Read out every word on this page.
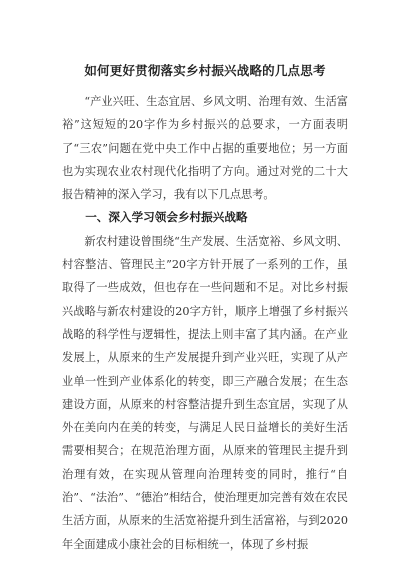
如何更好贯彻落实乡村振兴战略的几点思考

“产业兴旺、生态宜居、乡风文明、治理有效、生活富裕”这短短的20字作为乡村振兴的总要求，一方面表明了“三农”问题在党中央工作中占据的重要地位；另一方面也为实现农业农村现代化指明了方向。通过对党的二十大报告精神的深入学习，我有以下几点思考。

一、深入学习领会乡村振兴战略

新农村建设曾围绕“生产发展、生活宽裕、乡风文明、村容整洁、管理民主”20字方针开展了一系列的工作，虽取得了一些成效，但也存在一些问题和不足。对比乡村振兴战略与新农村建设的20字方针，顺序上增强了乡村振兴战略的科学性与逻辑性，提法上则丰富了其内涵。在产业发展上，从原来的生产发展提升到产业兴旺，实现了从产业单一性到产业体系化的转变，即三产融合发展；在生态建设方面，从原来的村容整洁提升到生态宜居，实现了从外在美向内在美的转变，与满足人民日益增长的美好生活需要相契合；在规范治理方面，从原来的管理民主提升到治理有效，在实现从管理向治理转变的同时，推行“自治”、“法治”、“德治”相结合，使治理更加完善有效在农民生活方面，从原来的生活宽裕提升到生活富裕，与到2020年全面建成小康社会的目标相统一，体现了乡村振
